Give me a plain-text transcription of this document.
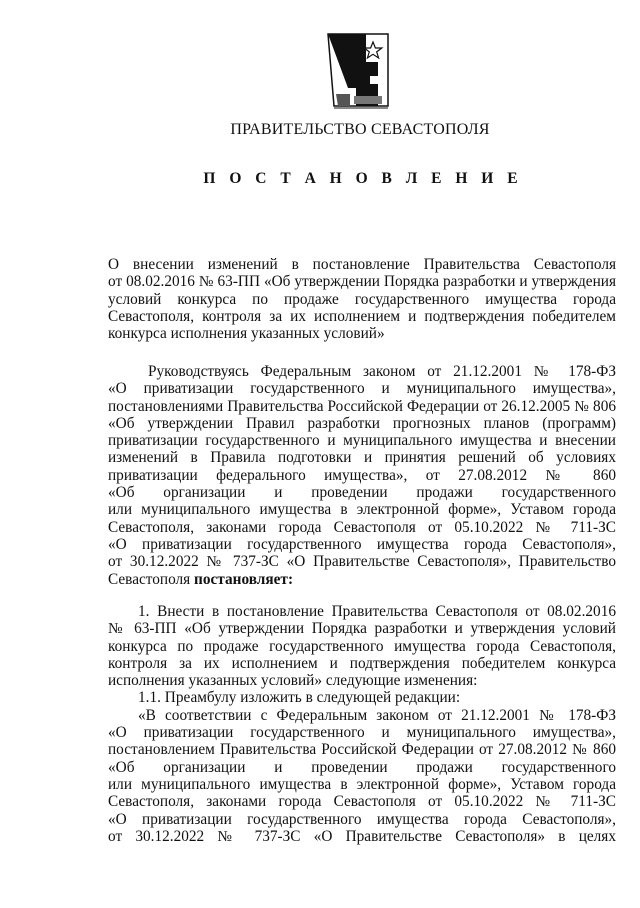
ПРАВИТЕЛЬСТВО СЕВАСТОПОЛЯ
П О С Т А Н О В Л Е Н И Е

О внесении изменений в постановление Правительства Севастополя

от 08.02.2016 № 63-ПП «Об утверждении Порядка разработки и утверждения

условий конкурса по продаже государственного имущества города

Севастополя, контроля за их исполнением и подтверждения победителем

конкурса исполнения указанных условий»

Руководствуясь Федеральным законом от 21.12.2001 № 178-ФЗ

«О приватизации государственного и муниципального имущества»,

постановлениями Правительства Российской Федерации от 26.12.2005 № 806

«Об утверждении Правил разработки прогнозных планов (программ)

приватизации государственного и муниципального имущества и внесении

изменений в Правила подготовки и принятия решений об условиях

приватизации федерального имущества», от 27.08.2012 № 860

«Об организации и проведении продажи государственного

или муниципального имущества в электронной форме», Уставом города

Севастополя, законами города Севастополя от 05.10.2022 № 711-ЗС

«О приватизации государственного имущества города Севастополя»,

от 30.12.2022 № 737-ЗС «О Правительстве Севастополя», Правительство

Севастополя постановляет:

1. Внести в постановление Правительства Севастополя от 08.02.2016

№ 63-ПП «Об утверждении Порядка разработки и утверждения условий

конкурса по продаже государственного имущества города Севастополя,

контроля за их исполнением и подтверждения победителем конкурса

исполнения указанных условий» следующие изменения:

1.1. Преамбулу изложить в следующей редакции:

«В соответствии с Федеральным законом от 21.12.2001 № 178-ФЗ

«О приватизации государственного и муниципального имущества»,

постановлением Правительства Российской Федерации от 27.08.2012 № 860

«Об организации и проведении продажи государственного

или муниципального имущества в электронной форме», Уставом города

Севастополя, законами города Севастополя от 05.10.2022 № 711-ЗС

«О приватизации государственного имущества города Севастополя»,

от 30.12.2022 № 737-ЗС «О Правительстве Севастополя» в целях
